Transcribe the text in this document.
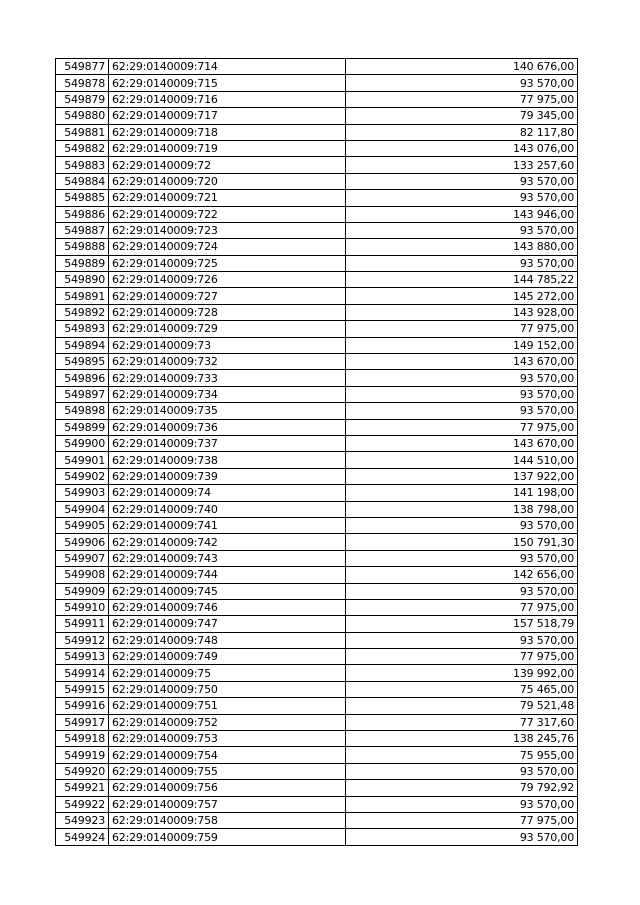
549877	62:29:0140009:714	140 676,00
549878	62:29:0140009:715	93 570,00
549879	62:29:0140009:716	77 975,00
549880	62:29:0140009:717	79 345,00
549881	62:29:0140009:718	82 117,80
549882	62:29:0140009:719	143 076,00
549883	62:29:0140009:72	133 257,60
549884	62:29:0140009:720	93 570,00
549885	62:29:0140009:721	93 570,00
549886	62:29:0140009:722	143 946,00
549887	62:29:0140009:723	93 570,00
549888	62:29:0140009:724	143 880,00
549889	62:29:0140009:725	93 570,00
549890	62:29:0140009:726	144 785,22
549891	62:29:0140009:727	145 272,00
549892	62:29:0140009:728	143 928,00
549893	62:29:0140009:729	77 975,00
549894	62:29:0140009:73	149 152,00
549895	62:29:0140009:732	143 670,00
549896	62:29:0140009:733	93 570,00
549897	62:29:0140009:734	93 570,00
549898	62:29:0140009:735	93 570,00
549899	62:29:0140009:736	77 975,00
549900	62:29:0140009:737	143 670,00
549901	62:29:0140009:738	144 510,00
549902	62:29:0140009:739	137 922,00
549903	62:29:0140009:74	141 198,00
549904	62:29:0140009:740	138 798,00
549905	62:29:0140009:741	93 570,00
549906	62:29:0140009:742	150 791,30
549907	62:29:0140009:743	93 570,00
549908	62:29:0140009:744	142 656,00
549909	62:29:0140009:745	93 570,00
549910	62:29:0140009:746	77 975,00
549911	62:29:0140009:747	157 518,79
549912	62:29:0140009:748	93 570,00
549913	62:29:0140009:749	77 975,00
549914	62:29:0140009:75	139 992,00
549915	62:29:0140009:750	75 465,00
549916	62:29:0140009:751	79 521,48
549917	62:29:0140009:752	77 317,60
549918	62:29:0140009:753	138 245,76
549919	62:29:0140009:754	75 955,00
549920	62:29:0140009:755	93 570,00
549921	62:29:0140009:756	79 792,92
549922	62:29:0140009:757	93 570,00
549923	62:29:0140009:758	77 975,00
549924	62:29:0140009:759	93 570,00
